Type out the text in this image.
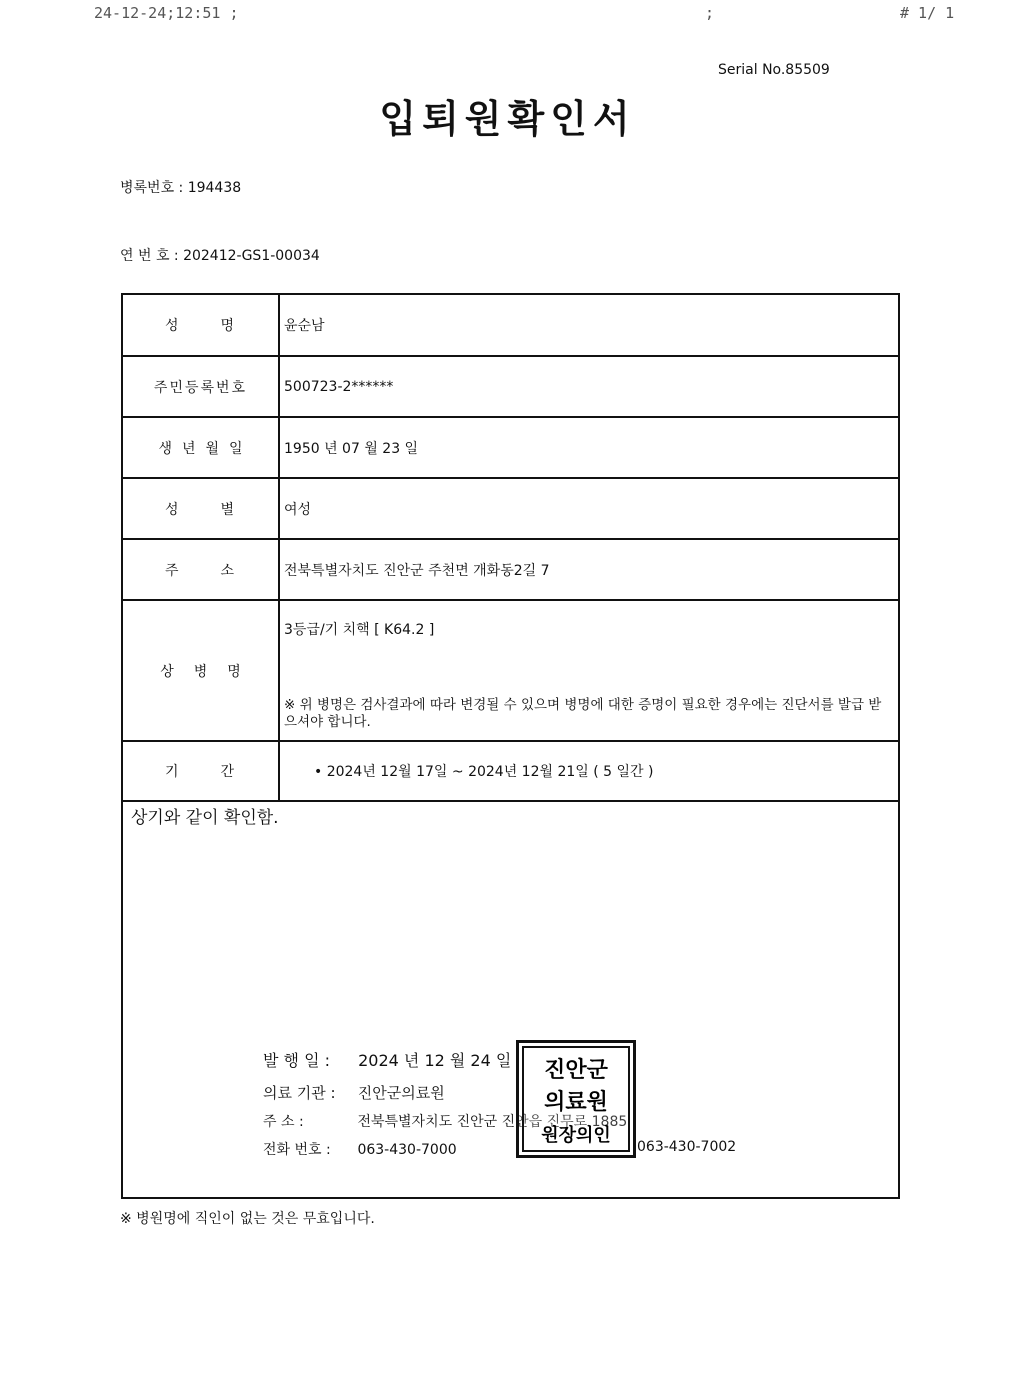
24-12-24;12:51 ;	;	# 1/ 1
Serial No.85509
입퇴원확인서
병록번호 : 194438
연 번 호 : 202412-GS1-00034
성명 윤순남
주민등록번호	500723-2******
생년월일	1950 년 07 월 23 일
성별 여성
주소 전북특별자치도 진안군 주천면 개화동2길 7
상병명
3등급/기 치핵 [ K64.2 ]
※ 위 병명은 검사결과에 따라 변경될 수 있으며 병명에 대한 증명이 필요한 경우에는 진단서를 발급 받으셔야 합니다.
기간	• 2024년 12월 17일 ~ 2024년 12월 21일 ( 5 일간 )
상기와 같이 확인함.
발 행 일 : 2024 년 12 월 24 일
의료 기관 : 진안군의료원
주 소 :	전북특별자치도 진안군 진안읍 진무로 1885
전화 번호 : 063-430-7000	063-430-7002
진안군
의료원
원장의인
※ 병원명에 직인이 없는 것은 무효입니다.
